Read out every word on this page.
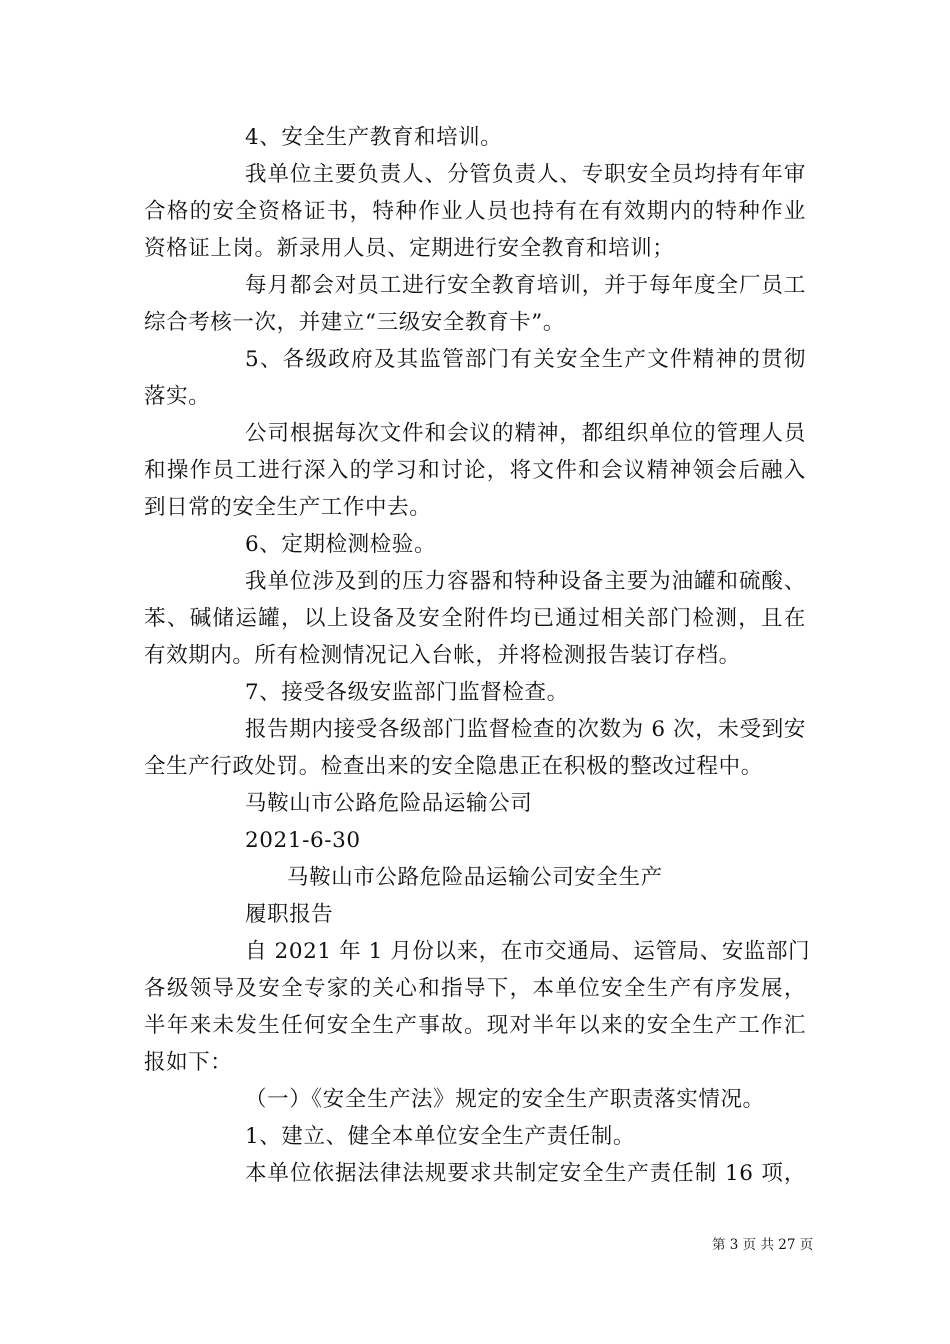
4、安全生产教育和培训。
我单位主要负责人、分管负责人、专职安全员均持有年审
合格的安全资格证书，特种作业人员也持有在有效期内的特种作业
资格证上岗。新录用人员、定期进行安全教育和培训；
每月都会对员工进行安全教育培训，并于每年度全厂员工
综合考核一次，并建立“三级安全教育卡”。
5、各级政府及其监管部门有关安全生产文件精神的贯彻
落实。
公司根据每次文件和会议的精神，都组织单位的管理人员
和操作员工进行深入的学习和讨论，将文件和会议精神领会后融入
到日常的安全生产工作中去。
6、定期检测检验。
我单位涉及到的压力容器和特种设备主要为油罐和硫酸、
苯、碱储运罐，以上设备及安全附件均已通过相关部门检测，且在
有效期内。所有检测情况记入台帐，并将检测报告装订存档。
7、接受各级安监部门监督检查。
报告期内接受各级部门监督检查的次数为 6 次，未受到安
全生产行政处罚。检查出来的安全隐患正在积极的整改过程中。
马鞍山市公路危险品运输公司
2021-6-30
马鞍山市公路危险品运输公司安全生产
履职报告
自 2021 年 1 月份以来，在市交通局、运管局、安监部门
各级领导及安全专家的关心和指导下，本单位安全生产有序发展，
半年来未发生任何安全生产事故。现对半年以来的安全生产工作汇
报如下：
（一）《安全生产法》规定的安全生产职责落实情况。
1、建立、健全本单位安全生产责任制。
本单位依据法律法规要求共制定安全生产责任制 16 项，
第 3 页 共 27 页
